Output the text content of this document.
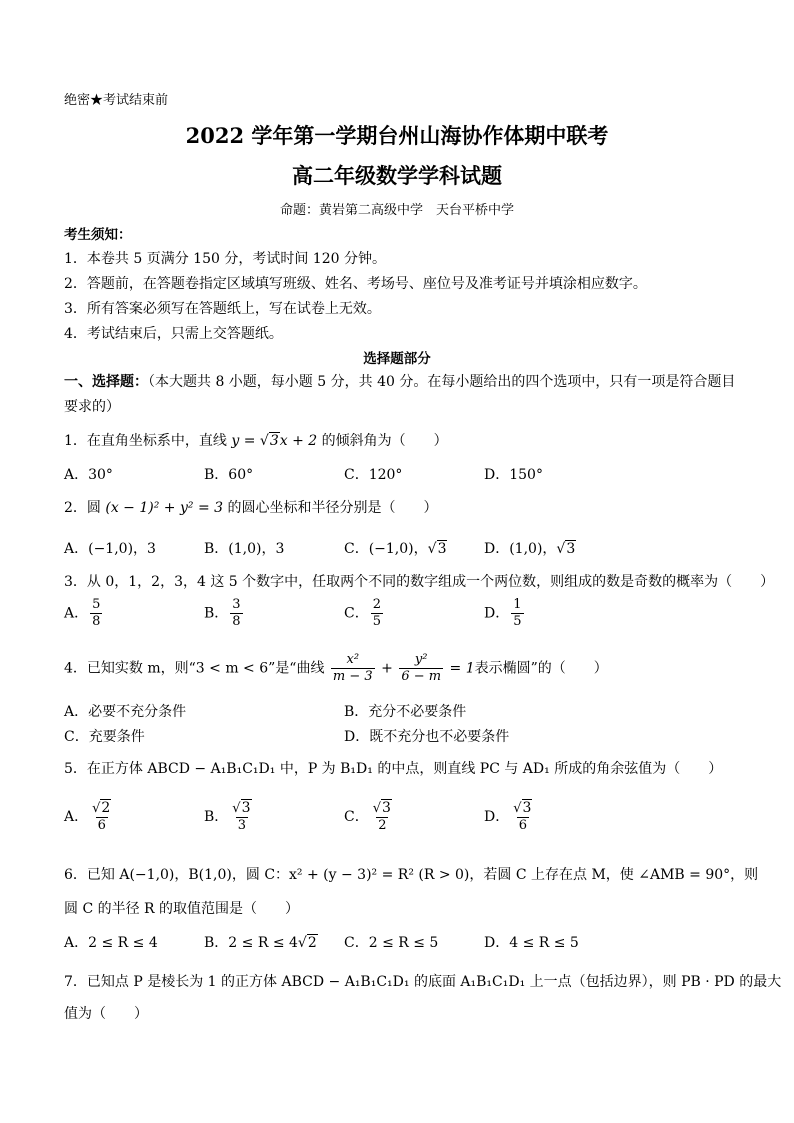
绝密★考试结束前
2022 学年第一学期台州山海协作体期中联考
高二年级数学学科试题
命题：黄岩第二高级中学　天台平桥中学
考生须知：
1．本卷共 5 页满分 150 分，考试时间 120 分钟。
2．答题前，在答题卷指定区域填写班级、姓名、考场号、座位号及准考证号并填涂相应数字。
3．所有答案必须写在答题纸上，写在试卷上无效。
4．考试结束后，只需上交答题纸。
选择题部分
一、选择题：（本大题共 8 小题，每小题 5 分，共 40 分。在每小题给出的四个选项中，只有一项是符合题目
要求的）
1．在直角坐标系中，直线 y = √3x + 2 的倾斜角为（　　）
A．30°	B．60°	C．120°	D．150°
2．圆 (x − 1)² + y² = 3 的圆心坐标和半径分别是（　　）
A．(−1,0)，3	B．(1,0)，3	C．(−1,0)，√3	D．(1,0)，√3
3．从 0，1，2，3，4 这 5 个数字中，任取两个不同的数字组成一个两位数，则组成的数是奇数的概率为（　　）
A． $\frac{5}{8}$	B． $\frac{3}{8}$	C． $\frac{2}{5}$	D． $\frac{1}{5}$
4．已知实数 m，则“3 < m < 6”是“曲线 $\frac{\text{x²}}{m - 3} + \frac{\text{y²}}{6 - m} = 1$表示椭圆”的（　　）
A．必要不充分条件	B．充分不必要条件
C．充要条件	D．既不充分也不必要条件
5．在正方体 ABCD − A₁B₁C₁D₁ 中，P 为 B₁D₁ 的中点，则直线 PC 与 AD₁ 所成的角余弦值为（　　）
A． $\frac{√2}{6}$	B． $\frac{√3}{3}$	C． $\frac{√3}{2}$	D． $\frac{√3}{6}$
6．已知 A(−1,0)，B(1,0)，圆 C：x² + (y − 3)² = R² (R > 0)，若圆 C 上存在点 M，使 ∠AMB = 90°，则
圆 C 的半径 R 的取值范围是（　　）
A．2 ≤ R ≤ 4	B．2 ≤ R ≤ 4√2 C．2 ≤ R ≤ 5	D．4 ≤ R ≤ 5
7．已知点 P 是棱长为 1 的正方体 ABCD − A₁B₁C₁D₁ 的底面 A₁B₁C₁D₁ 上一点（包括边界），则 PB · PD 的最大
值为（　　）
